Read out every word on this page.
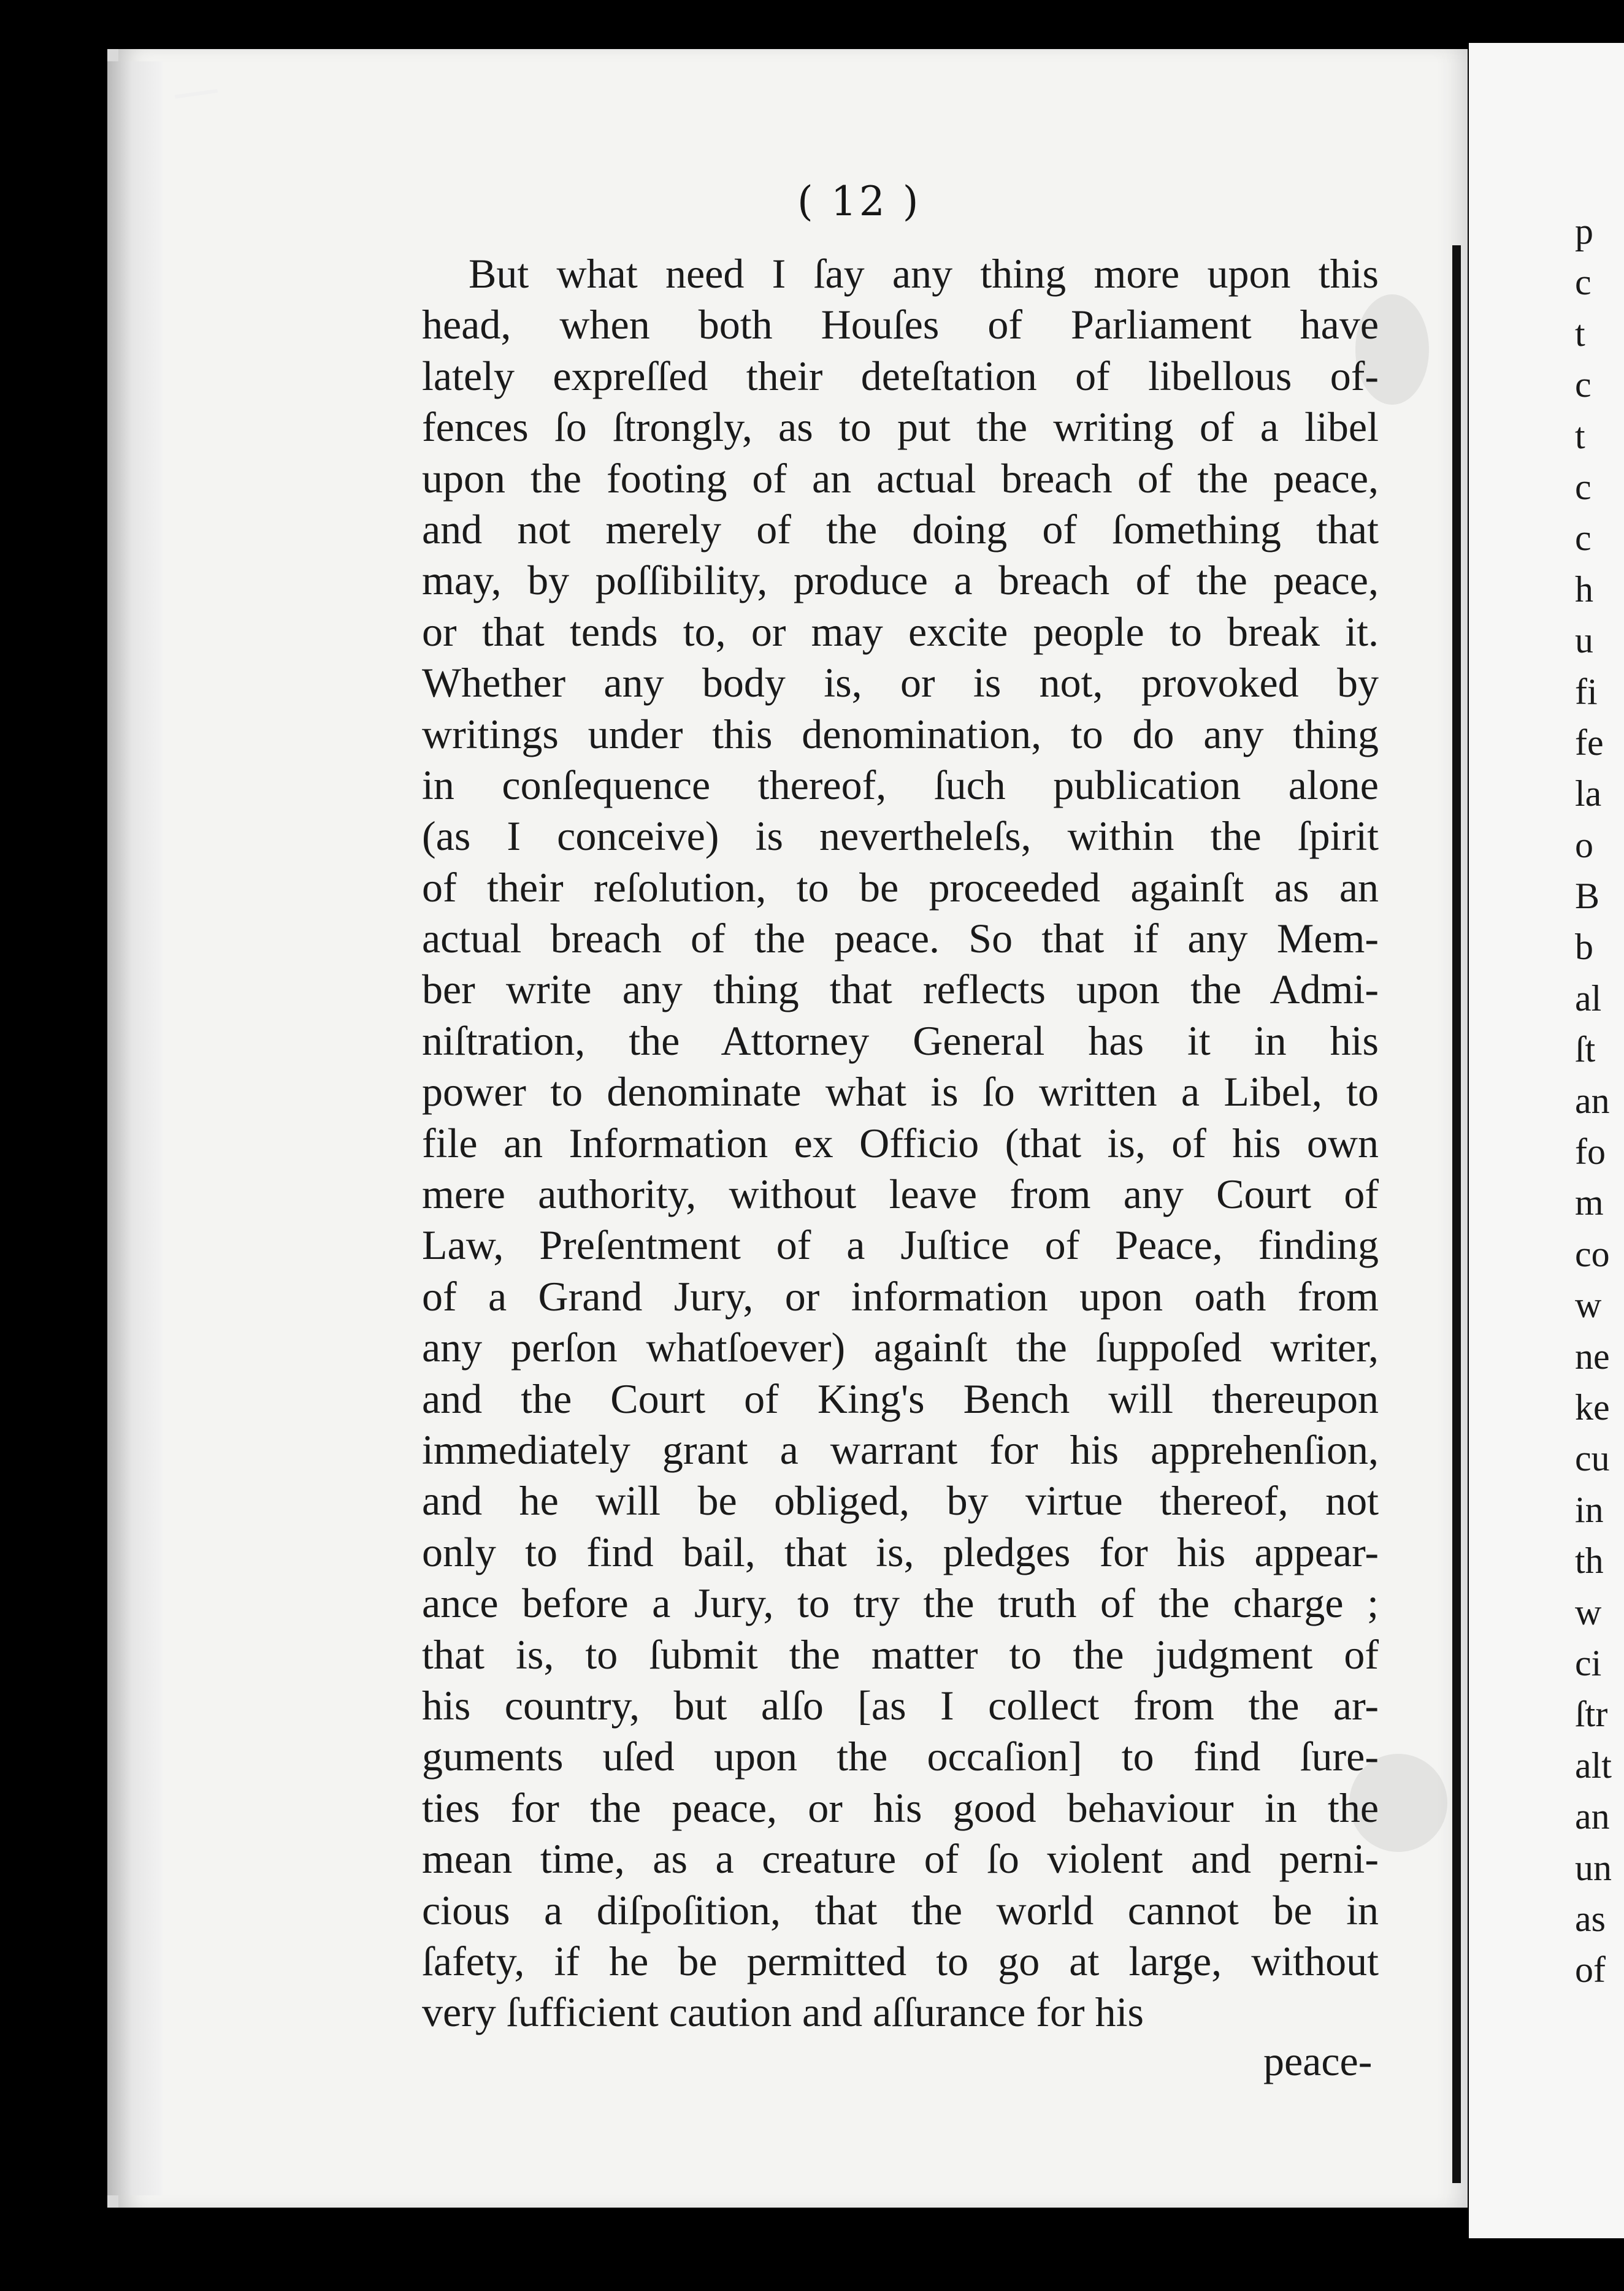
( 12 )

But what need I ſay any thing more upon this
head, when both Houſes of Parliament have
lately expreſſed their deteſtation of libellous of-
fences ſo ſtrongly, as to put the writing of a libel
upon the footing of an actual breach of the peace,
and not merely of the doing of ſomething that
may, by poſſibility, produce a breach of the peace,
or that tends to, or may excite people to break it.
Whether any body is, or is not, provoked by
writings under this denomination, to do any thing
in conſequence thereof, ſuch publication alone
(as I conceive) is nevertheleſs, within the ſpirit
of their reſolution, to be proceeded againſt as an
actual breach of the peace. So that if any Mem-
ber write any thing that reflects upon the Admi-
niſtration, the Attorney General has it in his
power to denominate what is ſo written a Libel, to
file an Information ex Officio (that is, of his own
mere authority, without leave from any Court of
Law, Preſentment of a Juſtice of Peace, finding
of a Grand Jury, or information upon oath from
any perſon whatſoever) againſt the ſuppoſed writer,
and the Court of King's Bench will thereupon
immediately grant a warrant for his apprehenſion,
and he will be obliged, by virtue thereof, not
only to find bail, that is, pledges for his appear-
ance before a Jury, to try the truth of the charge ;
that is, to ſubmit the matter to the judgment of
his country, but alſo [as I collect from the ar-
guments uſed upon the occaſion] to find ſure-
ties for the peace, or his good behaviour in the
mean time, as a creature of ſo violent and perni-
cious a diſpoſition, that the world cannot be in
ſafety, if he be permitted to go at large, without
very ſufficient caution and aſſurance for his

peace-

p
c
t
c
t
c
c
h
u
fi
fe
la
o
B
b
al
ſt
an
fo
m
co
w
ne
ke
cu
in
th
w
ci
ſtr
alt
an
un
as
of
